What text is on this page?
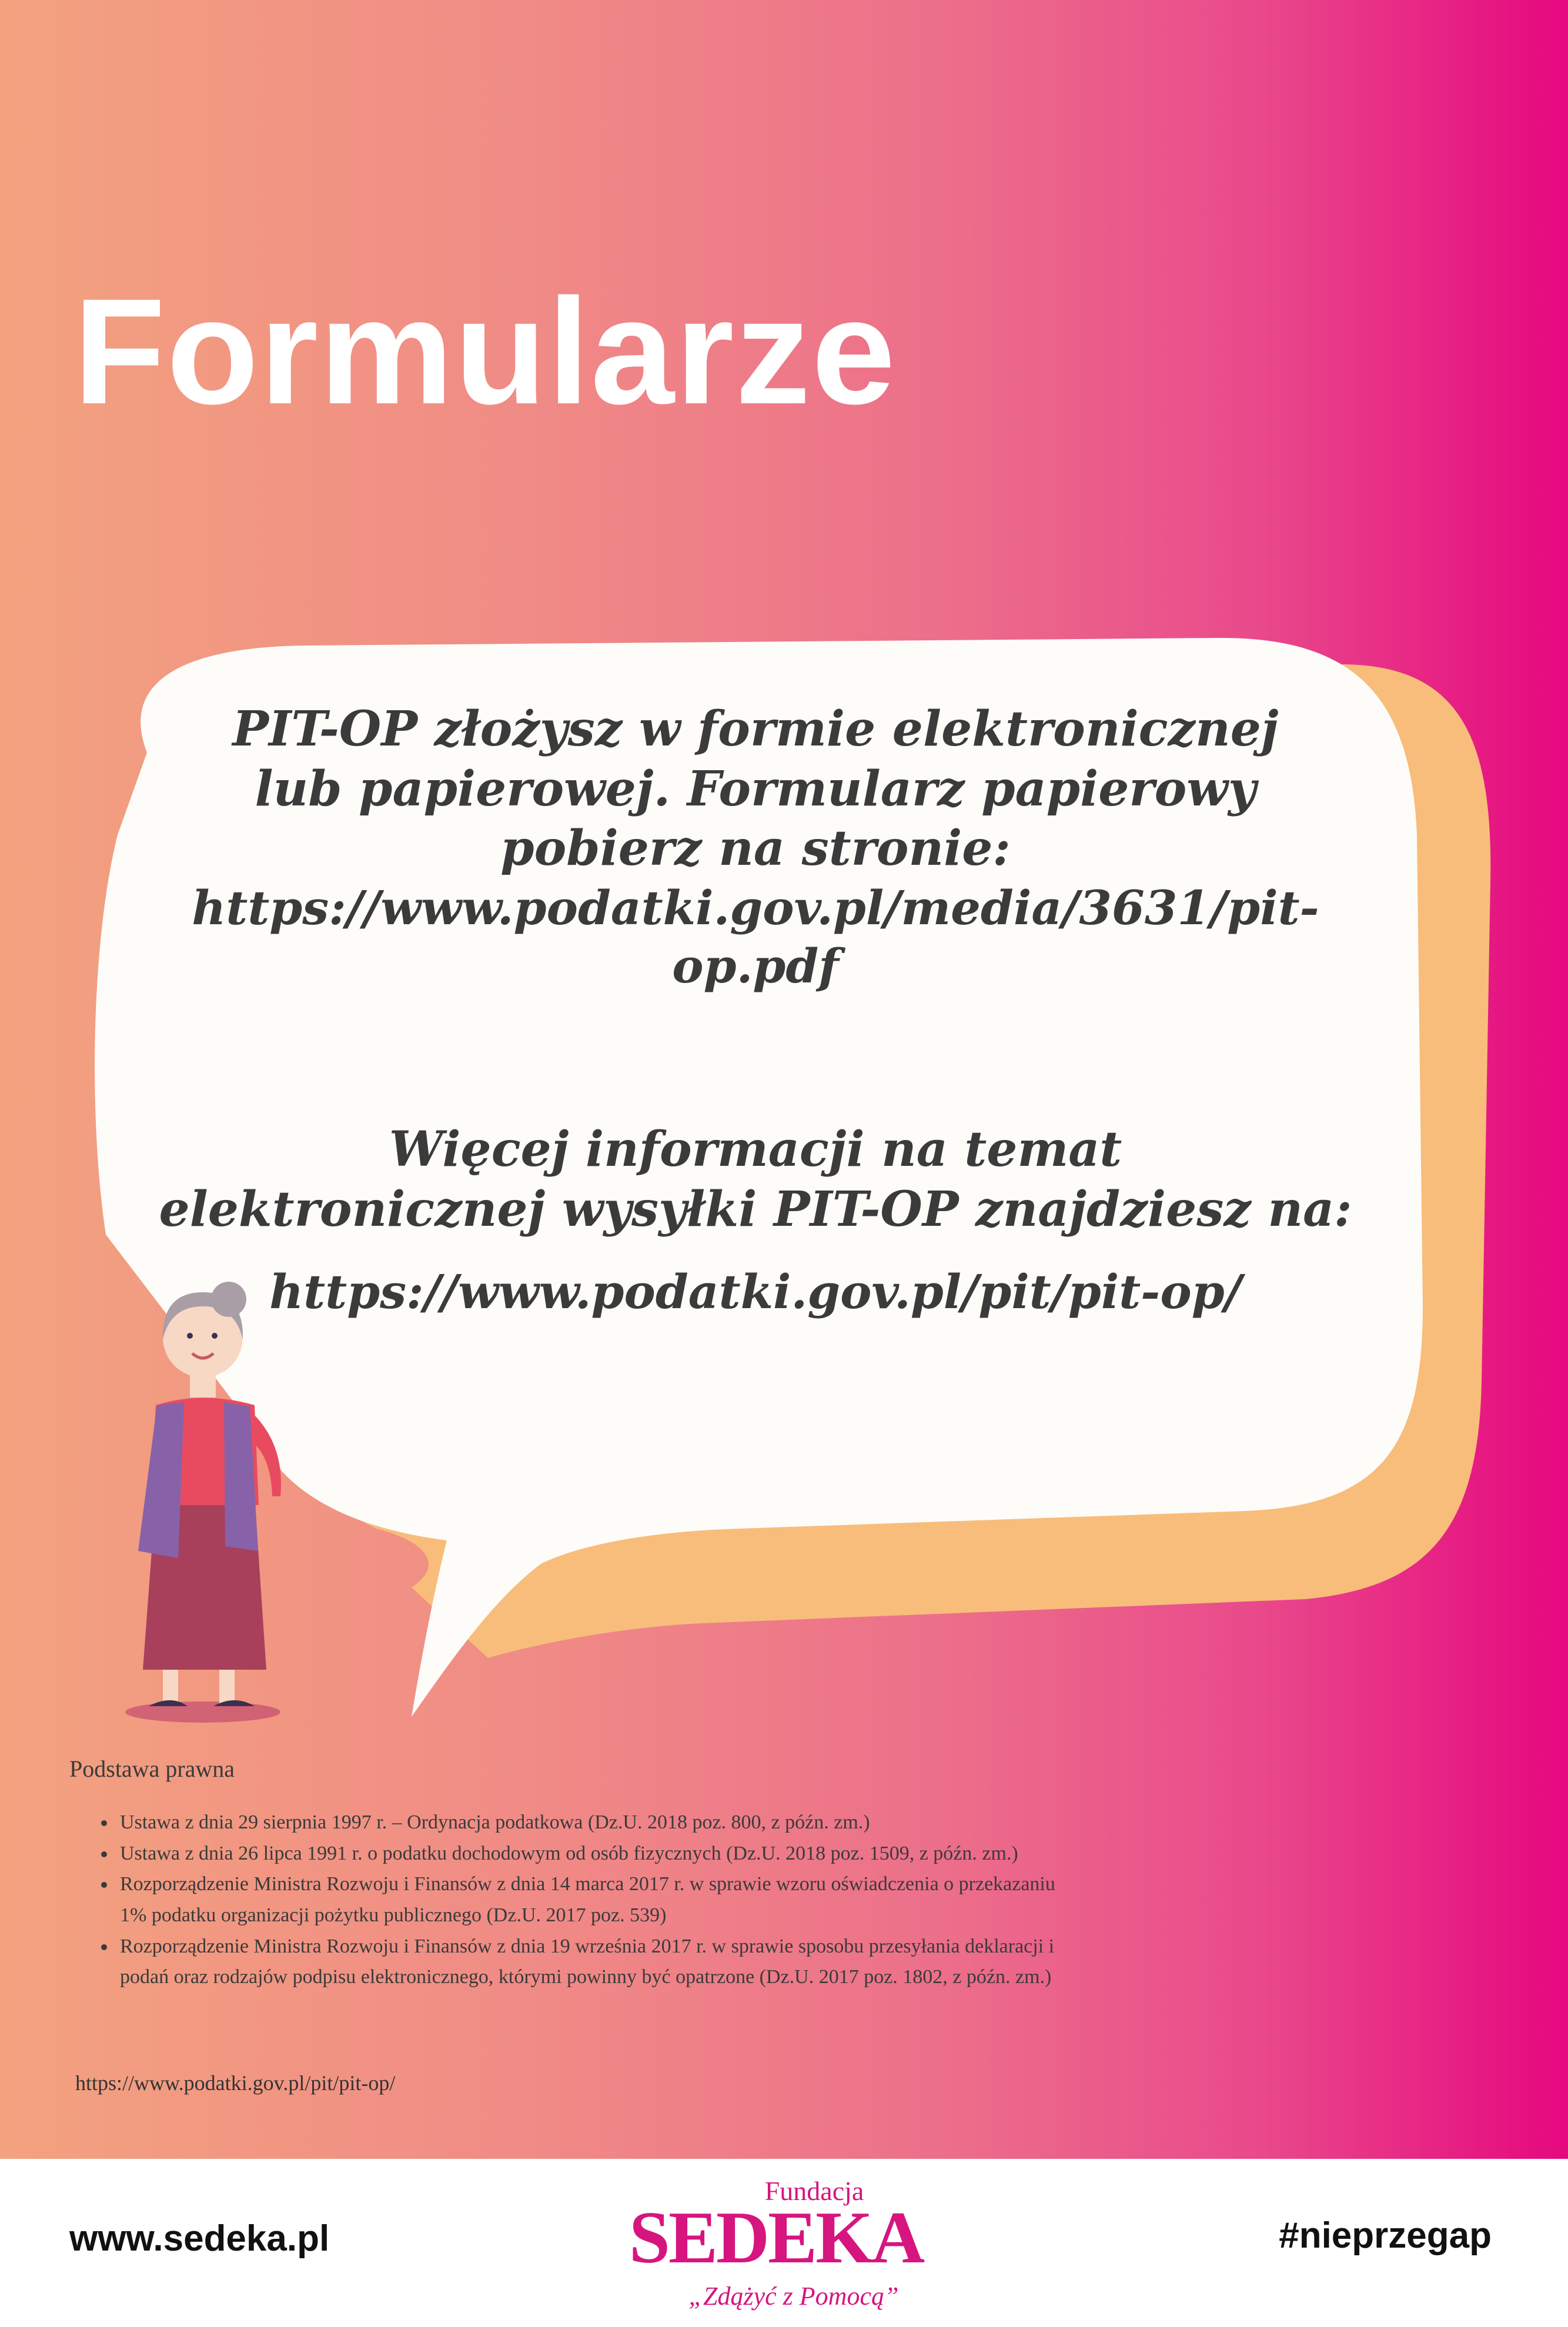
Formularze
PIT-OP złożysz w formie elektronicznej
lub papierowej. Formularz papierowy
pobierz na stronie:
https://www.podatki.gov.pl/media/3631/pit-op.pdf
Więcej informacji na temat
elektronicznej wysyłki PIT-OP znajdziesz na:
https://www.podatki.gov.pl/pit/pit-op/
Podstawa prawna
• Ustawa z dnia 29 sierpnia 1997 r. – Ordynacja podatkowa (Dz.U. 2018 poz. 800, z późn. zm.)
• Ustawa z dnia 26 lipca 1991 r. o podatku dochodowym od osób fizycznych (Dz.U. 2018 poz. 1509, z późn. zm.)
• Rozporządzenie Ministra Rozwoju i Finansów z dnia 14 marca 2017 r. w sprawie wzoru oświadczenia o przekazaniu
1% podatku organizacji pożytku publicznego (Dz.U. 2017 poz. 539)
• Rozporządzenie Ministra Rozwoju i Finansów z dnia 19 września 2017 r. w sprawie sposobu przesyłania deklaracji i
podań oraz rodzajów podpisu elektronicznego, którymi powinny być opatrzone (Dz.U. 2017 poz. 1802, z późn. zm.)
https://www.podatki.gov.pl/pit/pit-op/
www.sedeka.pl
Fundacja
SEDEKA
„Zdążyć z Pomocą”
#nieprzegap
